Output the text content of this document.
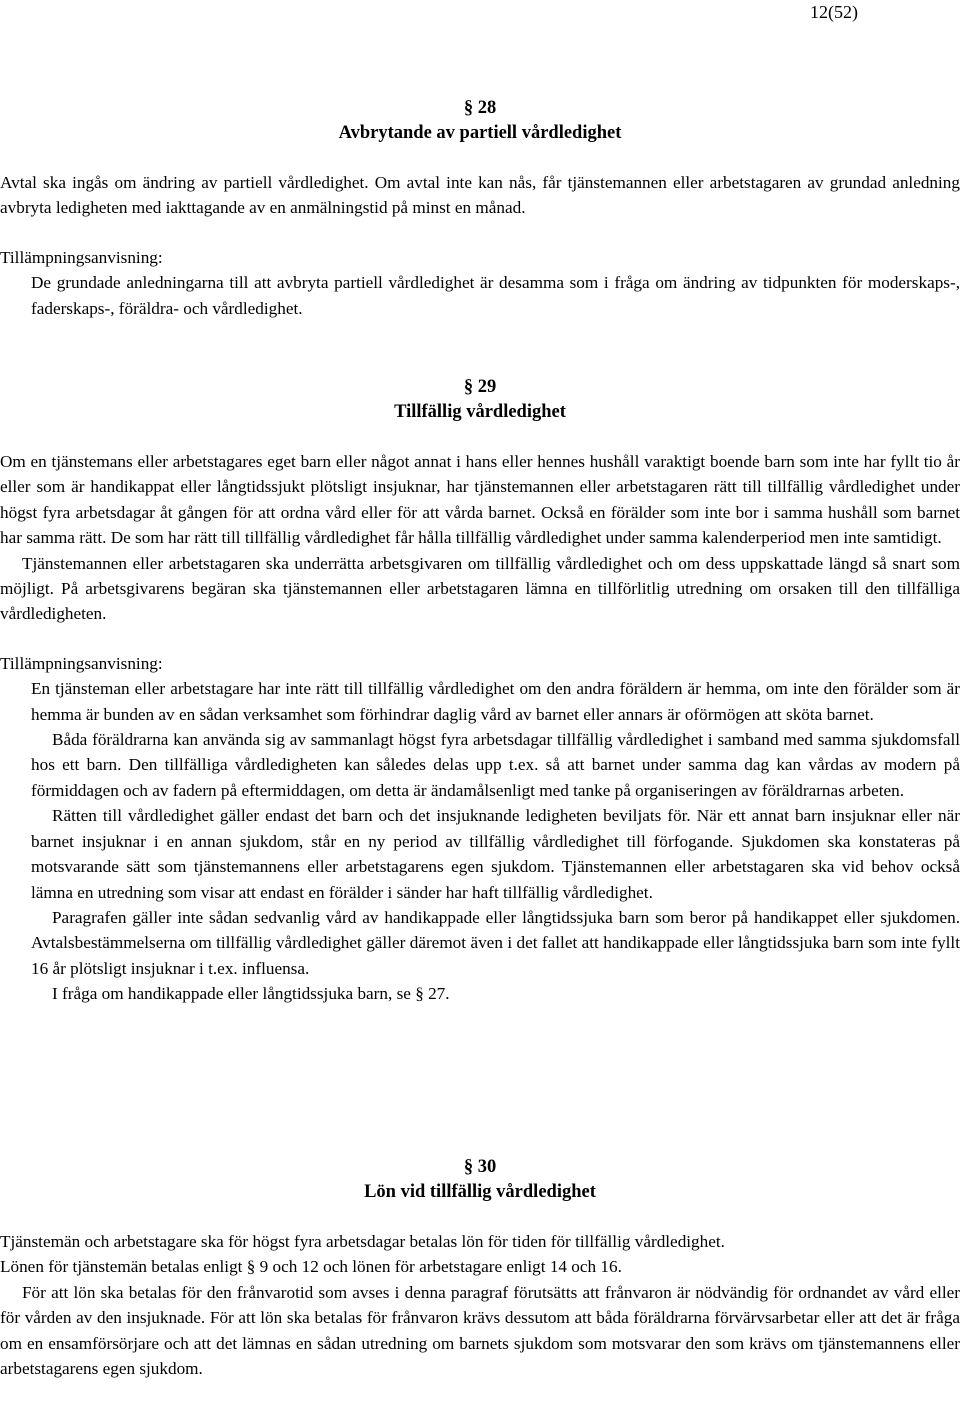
12(52)
§ 28
Avbrytande av partiell vårdledighet

Avtal ska ingås om ändring av partiell vårdledighet. Om avtal inte kan nås, får tjänstemannen eller arbetstagaren av grundad anledning avbryta ledigheten med iakttagande av en anmälningstid på minst en månad.

Tillämpningsanvisning:

De grundade anledningarna till att avbryta partiell vårdledighet är desamma som i fråga om ändring av tidpunkten för moderskaps-, faderskaps-, föräldra- och vårdledighet.

§ 29
Tillfällig vårdledighet

Om en tjänstemans eller arbetstagares eget barn eller något annat i hans eller hennes hushåll varaktigt boende barn som inte har fyllt tio år eller som är handikappat eller långtidssjukt plötsligt insjuknar, har tjänstemannen eller arbetstagaren rätt till tillfällig vårdledighet under högst fyra arbetsdagar åt gången för att ordna vård eller för att vårda barnet. Också en förälder som inte bor i samma hushåll som barnet har samma rätt. De som har rätt till tillfällig vårdledighet får hålla tillfällig vårdledighet under samma kalenderperiod men inte samtidigt.

Tjänstemannen eller arbetstagaren ska underrätta arbetsgivaren om tillfällig vårdledighet och om dess uppskattade längd så snart som möjligt. På arbetsgivarens begäran ska tjänstemannen eller arbetstagaren lämna en tillförlitlig utredning om orsaken till den tillfälliga vårdledigheten.

Tillämpningsanvisning:

En tjänsteman eller arbetstagare har inte rätt till tillfällig vårdledighet om den andra föräldern är hemma, om inte den förälder som är hemma är bunden av en sådan verksamhet som förhindrar daglig vård av barnet eller annars är oförmögen att sköta barnet.

Båda föräldrarna kan använda sig av sammanlagt högst fyra arbetsdagar tillfällig vårdledighet i samband med samma sjukdomsfall hos ett barn. Den tillfälliga vårdledigheten kan således delas upp t.ex. så att barnet under samma dag kan vårdas av modern på förmiddagen och av fadern på eftermiddagen, om detta är ändamålsenligt med tanke på organiseringen av föräldrarnas arbeten.

Rätten till vårdledighet gäller endast det barn och det insjuknande ledigheten beviljats för. När ett annat barn insjuknar eller när barnet insjuknar i en annan sjukdom, står en ny period av tillfällig vårdledighet till förfogande. Sjukdomen ska konstateras på motsvarande sätt som tjänstemannens eller arbetstagarens egen sjukdom. Tjänstemannen eller arbetstagaren ska vid behov också lämna en utredning som visar att endast en förälder i sänder har haft tillfällig vårdledighet.

Paragrafen gäller inte sådan sedvanlig vård av handikappade eller långtidssjuka barn som beror på handikappet eller sjukdomen. Avtalsbestämmelserna om tillfällig vårdledighet gäller däremot även i det fallet att handikappade eller långtidssjuka barn som inte fyllt 16 år plötsligt insjuknar i t.ex. influensa.

I fråga om handikappade eller långtidssjuka barn, se § 27.

§ 30
Lön vid tillfällig vårdledighet

Tjänstemän och arbetstagare ska för högst fyra arbetsdagar betalas lön för tiden för tillfällig vårdledighet.

Lönen för tjänstemän betalas enligt § 9 och 12 och lönen för arbetstagare enligt 14 och 16.

För att lön ska betalas för den frånvarotid som avses i denna paragraf förutsätts att frånvaron är nödvändig för ordnandet av vård eller för vården av den insjuknade. För att lön ska betalas för frånvaron krävs dessutom att båda föräldrarna förvärvsarbetar eller att det är fråga om en ensamförsörjare och att det lämnas en sådan utredning om barnets sjukdom som motsvarar den som krävs om tjänstemannens eller arbetstagarens egen sjukdom.
